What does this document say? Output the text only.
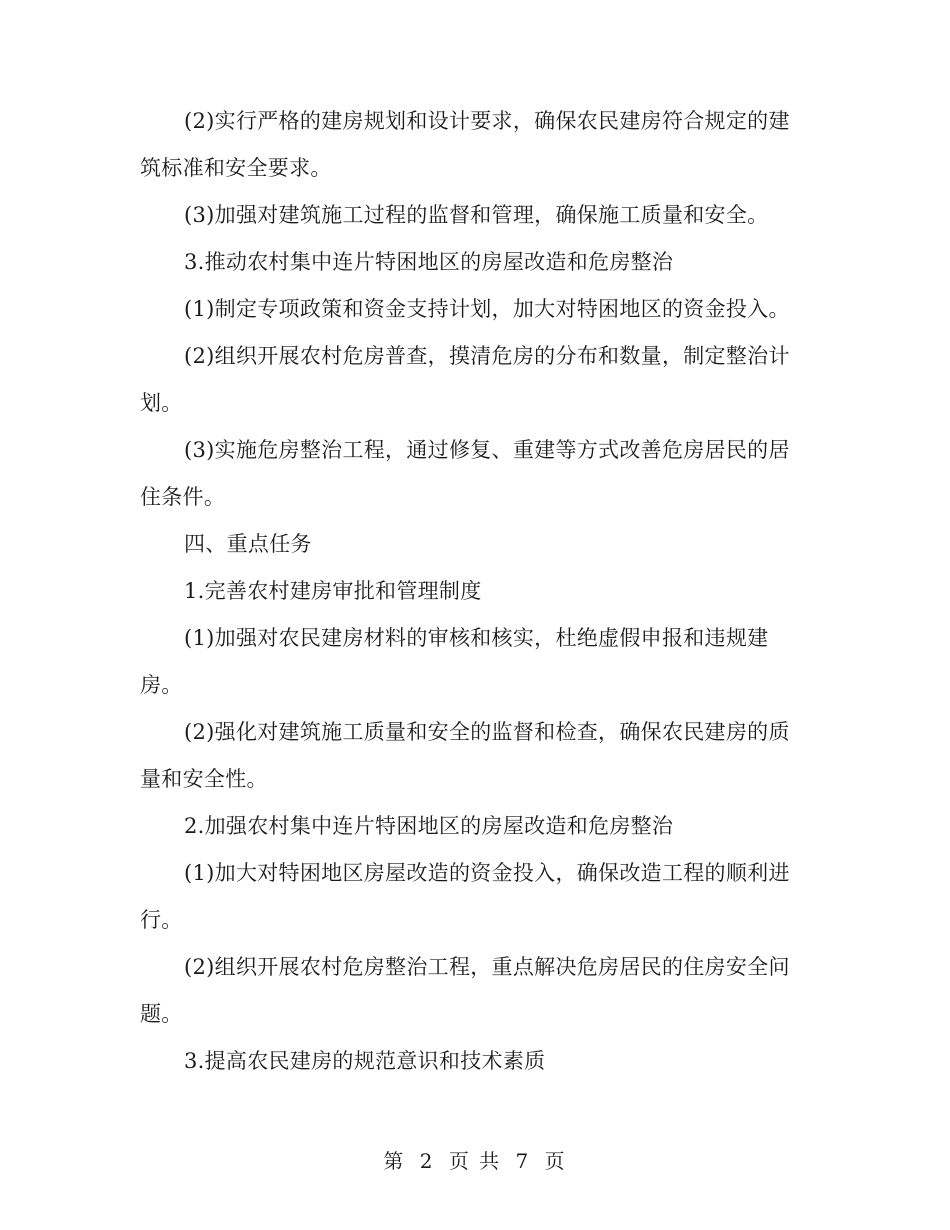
(2)实行严格的建房规划和设计要求，确保农民建房符合规定的建筑标准和安全要求。

(3)加强对建筑施工过程的监督和管理，确保施工质量和安全。

3.推动农村集中连片特困地区的房屋改造和危房整治

(1)制定专项政策和资金支持计划，加大对特困地区的资金投入。

(2)组织开展农村危房普查，摸清危房的分布和数量，制定整治计划。

(3)实施危房整治工程，通过修复、重建等方式改善危房居民的居住条件。

四、重点任务

1.完善农村建房审批和管理制度

(1)加强对农民建房材料的审核和核实，杜绝虚假申报和违规建房。

(2)强化对建筑施工质量和安全的监督和检查，确保农民建房的质量和安全性。

2.加强农村集中连片特困地区的房屋改造和危房整治

(1)加大对特困地区房屋改造的资金投入，确保改造工程的顺利进行。

(2)组织开展农村危房整治工程，重点解决危房居民的住房安全问题。

3.提高农民建房的规范意识和技术素质

第 2 页 共 7 页
